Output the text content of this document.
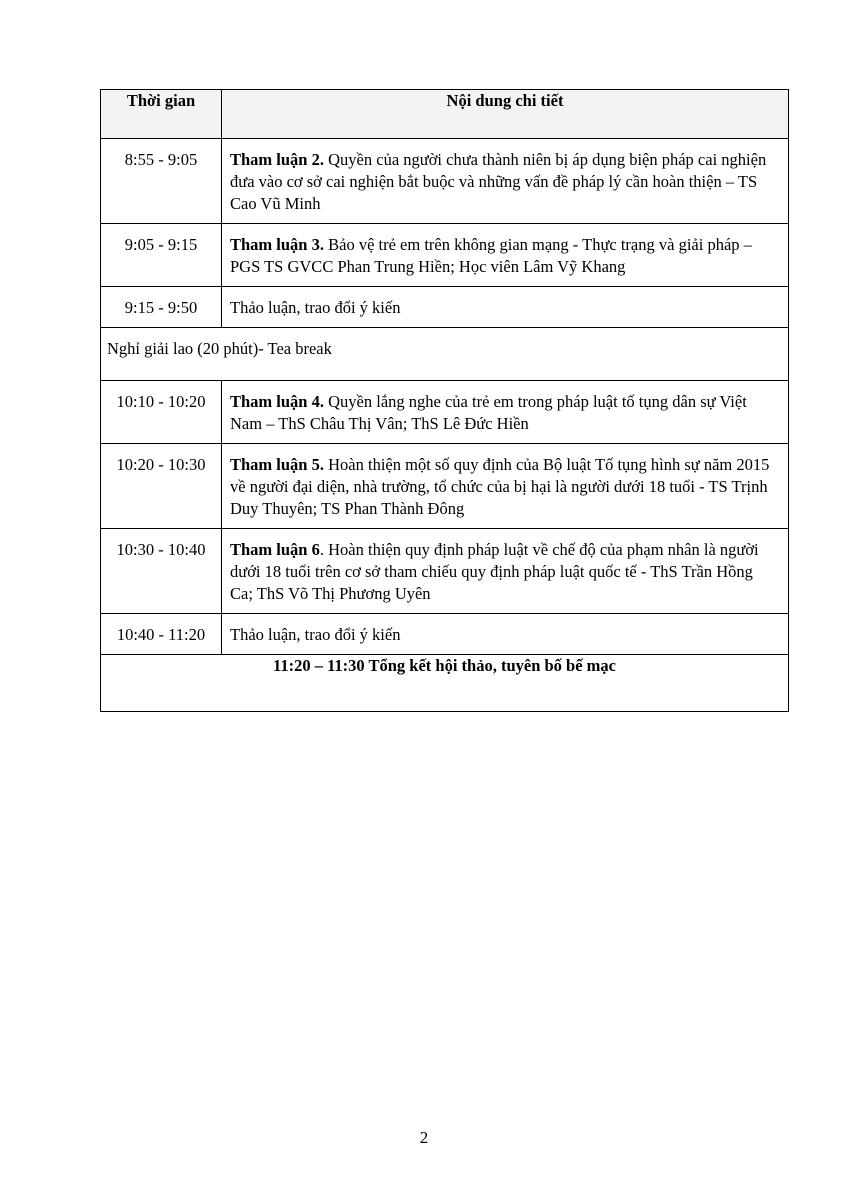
Thời gian	Nội dung chi tiết
8:55 - 9:05	Tham luận 2. Quyền của người chưa thành niên bị áp dụng biện pháp cai nghiện đưa vào cơ sở cai nghiện bắt buộc và những vấn đề pháp lý cần hoàn thiện – TS Cao Vũ Minh
9:05 - 9:15	Tham luận 3. Bảo vệ trẻ em trên không gian mạng - Thực trạng và giải pháp – PGS TS GVCC Phan Trung Hiền; Học viên Lâm Vỹ Khang
9:15 - 9:50	Thảo luận, trao đổi ý kiến
Nghỉ giải lao (20 phút)- Tea break	
10:10 - 10:20	Tham luận 4. Quyền lắng nghe của trẻ em trong pháp luật tố tụng dân sự Việt Nam – ThS Châu Thị Vân; ThS Lê Đức Hiền
10:20 - 10:30	Tham luận 5. Hoàn thiện một số quy định của Bộ luật Tố tụng hình sự năm 2015 về người đại diện, nhà trường, tổ chức của bị hại là người dưới 18 tuổi - TS Trịnh Duy Thuyên; TS Phan Thành Đông
10:30 - 10:40	Tham luận 6. Hoàn thiện quy định pháp luật về chế độ của phạm nhân là người dưới 18 tuổi trên cơ sở tham chiếu quy định pháp luật quốc tế - ThS Trần Hồng Ca; ThS Võ Thị Phương Uyên
10:40 - 11:20	Thảo luận, trao đổi ý kiến
11:20 – 11:30 Tổng kết hội thảo, tuyên bố bế mạc	
2
